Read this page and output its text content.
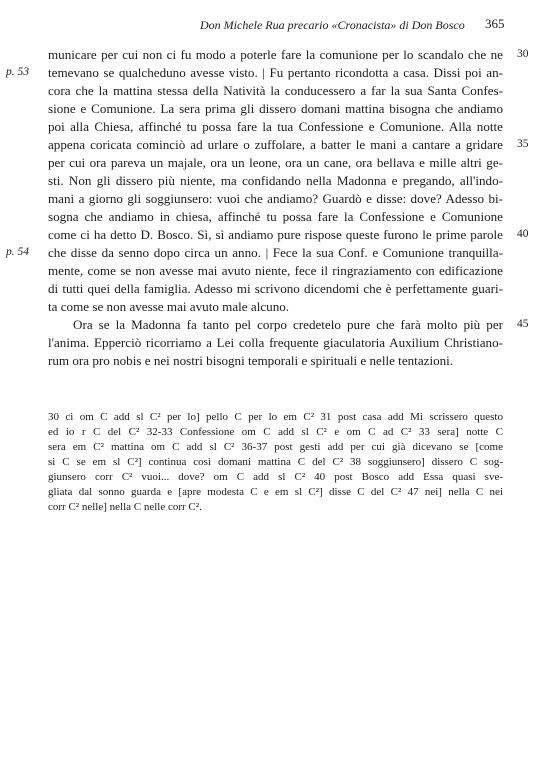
Don Michele Rua precario «Cronacista» di Don Bosco	365
municare per cui non ci fu modo a poterle fare la comunione per lo scandalo che ne
temevano se qualcheduno avesse visto. | Fu pertanto ricondotta a casa. Dissi poi an-
cora che la mattina stessa della Natività la conducessero a far la sua Santa Confes-
sione e Comunione. La sera prima gli dissero domani mattina bisogna che andiamo
poi alla Chiesa, affinché tu possa fare la tua Confessione e Comunione. Alla notte
appena coricata cominciò ad urlare o zuffolare, a batter le mani a cantare a gridare
per cui ora pareva un majale, ora un leone, ora un cane, ora bellava e mille altri ge-
sti. Non gli dissero più niente, ma confidando nella Madonna e pregando, all'indo-
mani a giorno gli soggiunsero: vuoi che andiamo? Guardò e disse: dove? Adesso bi-
sogna che andiamo in chiesa, affinché tu possa fare la Confessione e Comunione
come ci ha detto D. Bosco. Sì, sì andiamo pure rispose queste furono le prime parole
che disse da senno dopo circa un anno. | Fece la sua Conf. e Comunione tranquilla-
mente, come se non avesse mai avuto niente, fece il ringraziamento con edificazione
di tutti quei della famiglia. Adesso mi scrivono dicendomi che è perfettamente guari-
ta come se non avesse mai avuto male alcuno.
Ora se la Madonna fa tanto pel corpo credetelo pure che farà molto più per
l'anima. Epperciò ricorriamo a Lei colla frequente giaculatoria Auxilium Christiano-
rum ora pro nobis e nei nostri bisogni temporali e spirituali e nelle tentazioni.
30
35
40
45
p. 53
p. 54
30 ci om C add sl C² per lo] pello C per lo em C² 31 post casa add Mi scrissero questo
ed io r C del C² 32-33 Confessione om C add sl C² e om C ad C² 33 sera] notte C
sera em C² mattina om C add sl C² 36-37 post gesti add per cui già dicevano se [come
si C se em sl C²] continua così domani mattina C del C² 38 soggiunsero] dissero C sog-
giunsero corr C² vuoi... dove? om C add sl C² 40 post Bosco add Essa quasi sve-
gliata dal sonno guarda e [apre modesta C e em sl C²] disse C del C² 47 nei] nella C nei
corr C² nelle] nella C nelle corr C².
